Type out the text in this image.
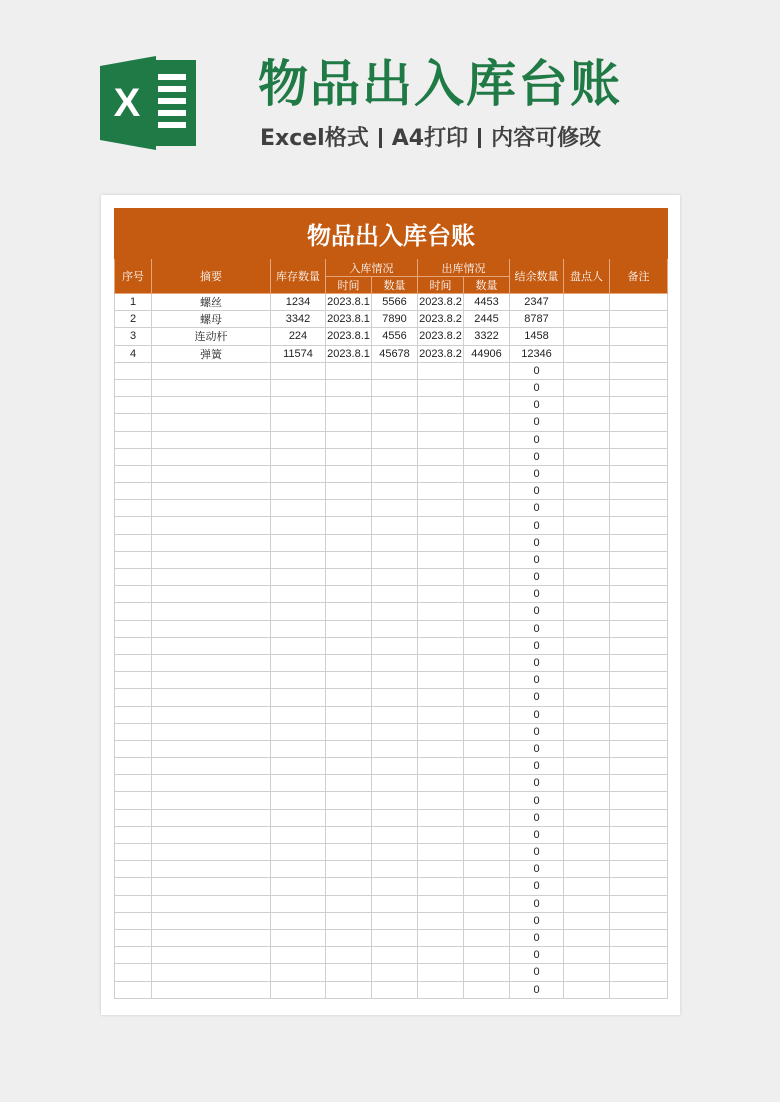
X 物品出入库台账
Excel格式 A4打印 内容可修改
物品出入库台账									
序号	摘要	库存数量	入库情况		出库情况		结余数量	盘点人	备注
			时间	数量	时间	数量			
1	螺丝	1234	2023.8.1	5566	2023.8.2	4453	2347		
2	螺母	3342	2023.8.1	7890	2023.8.2	2445	8787		
3	连动杆	224	2023.8.1	4556	2023.8.2	3322	1458		
4	弹簧	11574	2023.8.1	45678	2023.8.2	44906	12346		
							0		
							0		
							0		
							0		
							0		
							0		
							0		
							0		
							0		
							0		
							0		
							0		
							0		
							0		
							0		
							0		
							0		
							0		
							0		
							0		
							0		
							0		
							0		
							0		
							0		
							0		
							0		
							0		
							0		
							0		
							0		
							0		
							0		
							0		
							0		
							0		
							0		
